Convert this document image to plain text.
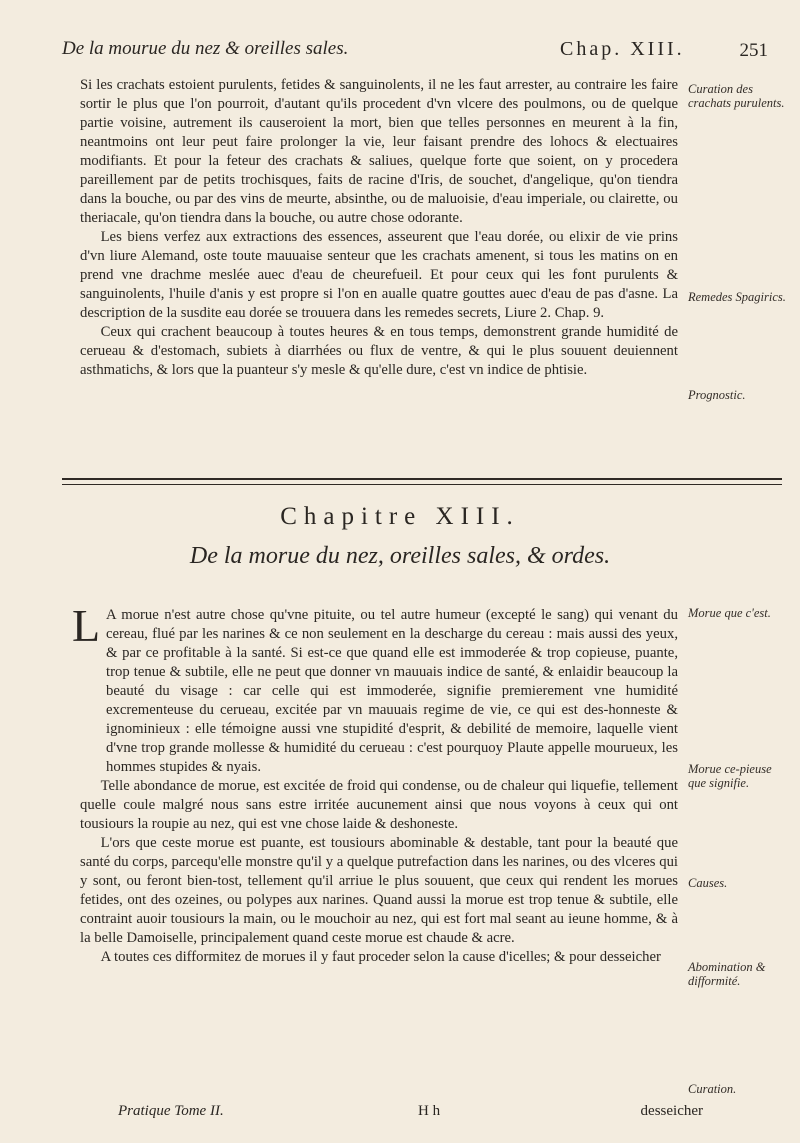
De la mourue du nez & oreilles sales.	Chap. XIII.	251

Si les crachats estoient purulents, fetides & sanguinolents, il ne les faut arrester, au contraire les faire sortir le plus que l'on pourroit, d'autant qu'ils procedent d'vn vlcere des poulmons, ou de quelque partie voisine, autrement ils causeroient la mort, bien que telles personnes en meurent à la fin, neantmoins ont leur peut faire prolonger la vie, leur faisant prendre des lohocs & electuaires modifiants. Et pour la feteur des crachats & saliues, quelque forte que soient, on y procedera pareillement par de petits trochisques, faits de racine d'Iris, de souchet, d'angelique, qu'on tiendra dans la bouche, ou par des vins de meurte, absinthe, ou de maluoisie, d'eau imperiale, ou clairette, ou theriacale, qu'on tiendra dans la bouche, ou autre chose odorante.

Les biens verfez aux extractions des essences, asseurent que l'eau dorée, ou elixir de vie prins d'vn liure Alemand, oste toute mauuaise senteur que les crachats amenent, si tous les matins on en prend vne drachme meslée auec d'eau de cheurefueil. Et pour ceux qui les font purulents & sanguinolents, l'huile d'anis y est propre si l'on en aualle quatre gouttes auec d'eau de pas d'asne. La description de la susdite eau dorée se trouuera dans les remedes secrets, Liure 2. Chap. 9.

Ceux qui crachent beaucoup à toutes heures & en tous temps, demonstrent grande humidité de cerueau & d'estomach, subiets à diarrhées ou flux de ventre, & qui le plus souuent deuiennent asthmatichs, & lors que la puanteur s'y mesle & qu'elle dure, c'est vn indice de phtisie.

Curation des crachats purulents.
Remedes Spagiriсs.
Prognostic.
Chapitre XIII.
De la morue du nez, oreilles sales, & ordes.
L A morue n'est autre chose qu'vne pituite, ou tel autre humeur (excepté le sang) qui venant du cereau, flué par les narines & ce non seulement en la descharge du cereau : mais aussi des yeux, & par ce profitable à la santé. Si est-ce que quand elle est immoderée & trop copieuse, puante, trop tenue & subtile, elle ne peut que donner vn mauuais indice de santé, & enlaidir beaucoup la beauté du visage : car celle qui est immoderée, signifie premierement vne humidité excrementeuse du cerueau, excitée par vn mauuais regime de vie, ce qui est des-honneste & ignominieux : elle témoigne aussi vne stupidité d'esprit, & debilité de memoire, laquelle vient d'vne trop grande mollesse & humidité du cerueau : c'est pourquoy Plaute appelle mourueux, les hommes stupides & nyais.

Telle abondance de morue, est excitée de froid qui condense, ou de chaleur qui liquefie, tellement quelle coule malgré nous sans estre irritée aucunement ainsi que nous voyons à ceux qui ont tousiours la roupie au nez, qui est vne chose laide & deshoneste.

L'ors que ceste morue est puante, est tousiours abominable & destable, tant pour la beauté que santé du corps, parcequ'elle monstre qu'il y a quelque putrefaction dans les narines, ou des vlceres qui y sont, ou feront bien-tost, tellement qu'il arriue le plus souuent, que ceux qui rendent les morues fetides, ont des ozeines, ou polypes aux narines. Quand aussi la morue est trop tenue & subtile, elle contraint auoir tousiours la main, ou le mouchoir au nez, qui est fort mal seant au ieune homme, & à la belle Damoiselle, principalement quand ceste morue est chaude & acre.

A toutes ces difformitez de morues il y faut proceder selon la cause d'icelles; & pour desseicher

Morue que c'est.
Morue ce-pieuse que signifie.
Causes.
Abomination & difformité.
Curation.
Pratique Tome II.	H h	desseicher
